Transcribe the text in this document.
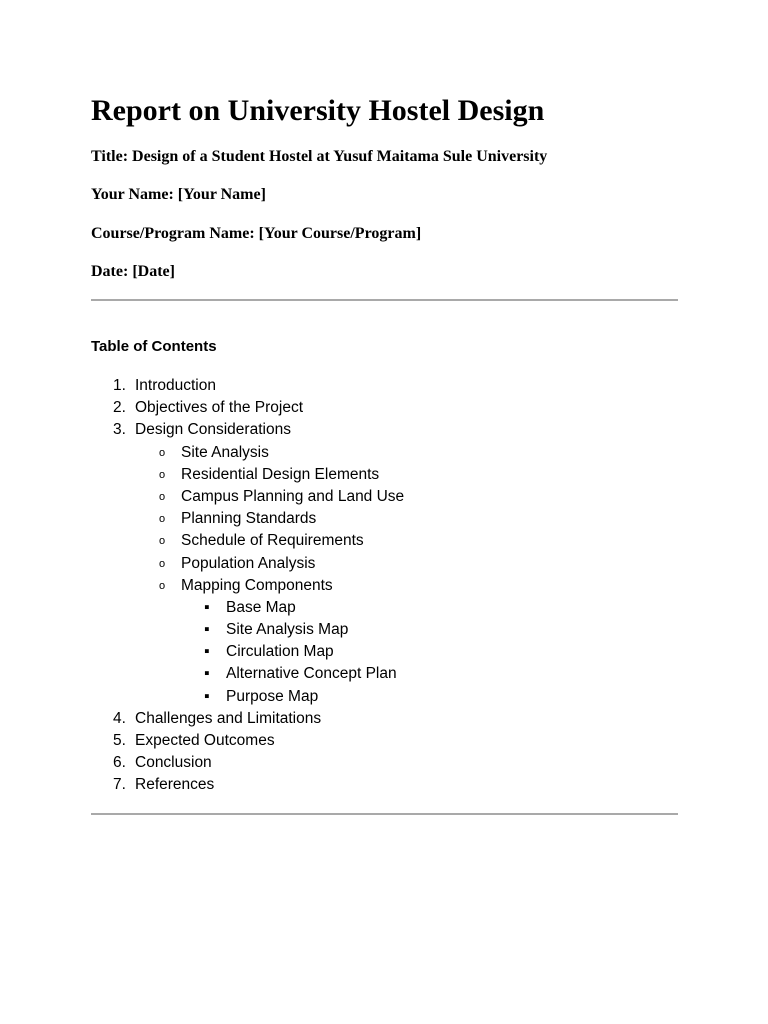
Report on University Hostel Design

Title: Design of a Student Hostel at Yusuf Maitama Sule University

Your Name: [Your Name]

Course/Program Name: [Your Course/Program]

Date: [Date]

Table of Contents
1. Introduction
2. Objectives of the Project
3. Design Considerations
o Site Analysis
o Residential Design Elements
o Campus Planning and Land Use
o Planning Standards
o Schedule of Requirements
o Population Analysis
o Mapping Components
▪ Base Map
▪ Site Analysis Map
▪ Circulation Map
▪ Alternative Concept Plan
▪ Purpose Map
4. Challenges and Limitations
5. Expected Outcomes
6. Conclusion
7. References
